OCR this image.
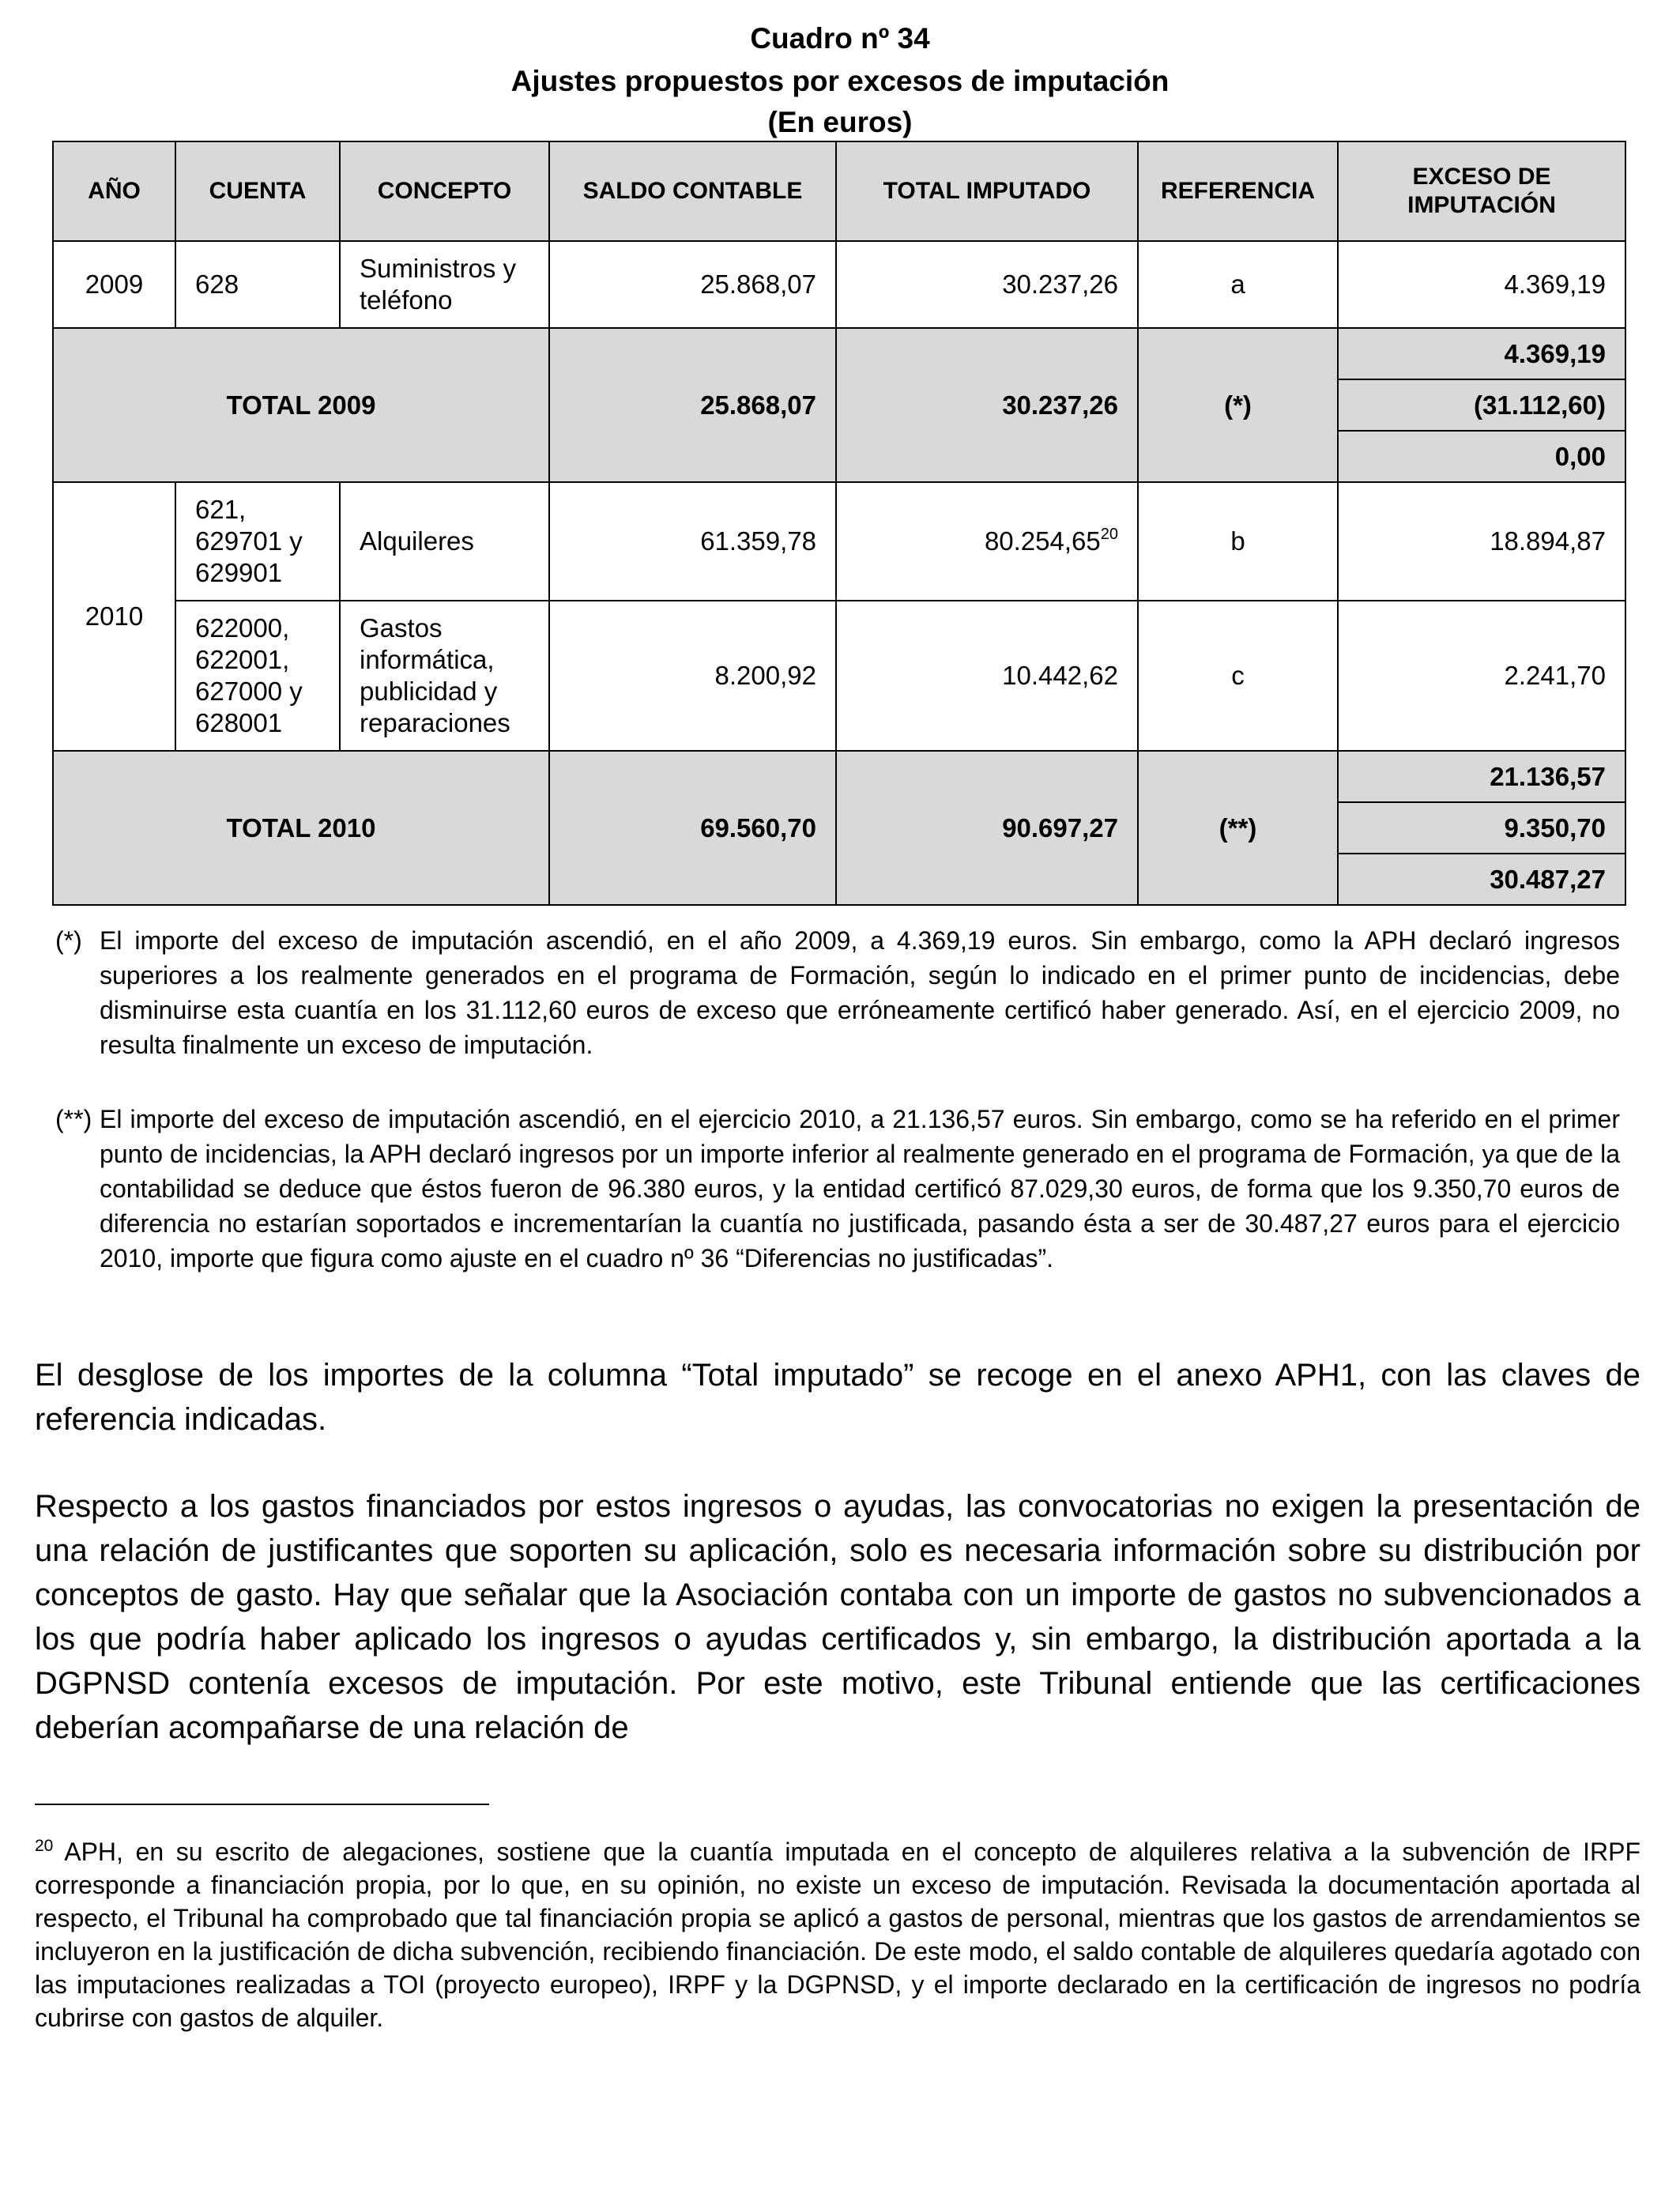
Cuadro nº 34
Ajustes propuestos por excesos de imputación
(En euros)
AÑO	CUENTA	CONCEPTO	SALDO CONTABLE	TOTAL IMPUTADO	REFERENCIA	EXCESO DE IMPUTACIÓN
2009	628	Suministros y teléfono	25.868,07	30.237,26	a	4.369,19
TOTAL 2009			25.868,07	30.237,26	(*)	4.369,19
						(31.112,60)
						0,00
2010	621, 629701 y 629901	Alquileres	61.359,78	80.254,65$^{20}$	b	18.894,87
	622000, 622001, 627000 y 628001	Gastos informática, publicidad y reparaciones	8.200,92	10.442,62	c	2.241,70
TOTAL 2010			69.560,70	90.697,27	(**)	21.136,57
						9.350,70
						30.487,27
(*) El importe del exceso de imputación ascendió, en el año 2009, a 4.369,19 euros. Sin embargo, como la APH declaró ingresos superiores a los realmente generados en el programa de Formación, según lo indicado en el primer punto de incidencias, debe disminuirse esta cuantía en los 31.112,60 euros de exceso que erróneamente certificó haber generado. Así, en el ejercicio 2009, no resulta finalmente un exceso de imputación.
(**) El importe del exceso de imputación ascendió, en el ejercicio 2010, a 21.136,57 euros. Sin embargo, como se ha referido en el primer punto de incidencias, la APH declaró ingresos por un importe inferior al realmente generado en el programa de Formación, ya que de la contabilidad se deduce que éstos fueron de 96.380 euros, y la entidad certificó 87.029,30 euros, de forma que los 9.350,70 euros de diferencia no estarían soportados e incrementarían la cuantía no justificada, pasando ésta a ser de 30.487,27 euros para el ejercicio 2010, importe que figura como ajuste en el cuadro nº 36 “Diferencias no justificadas”.
El desglose de los importes de la columna “Total imputado” se recoge en el anexo APH1, con las claves de referencia indicadas.
Respecto a los gastos financiados por estos ingresos o ayudas, las convocatorias no exigen la presentación de una relación de justificantes que soporten su aplicación, solo es necesaria información sobre su distribución por conceptos de gasto. Hay que señalar que la Asociación contaba con un importe de gastos no subvencionados a los que podría haber aplicado los ingresos o ayudas certificados y, sin embargo, la distribución aportada a la DGPNSD contenía excesos de imputación. Por este motivo, este Tribunal entiende que las certificaciones deberían acompañarse de una relación de
$^{20}$ APH, en su escrito de alegaciones, sostiene que la cuantía imputada en el concepto de alquileres relativa a la subvención de IRPF corresponde a financiación propia, por lo que, en su opinión, no existe un exceso de imputación. Revisada la documentación aportada al respecto, el Tribunal ha comprobado que tal financiación propia se aplicó a gastos de personal, mientras que los gastos de arrendamientos se incluyeron en la justificación de dicha subvención, recibiendo financiación. De este modo, el saldo contable de alquileres quedaría agotado con las imputaciones realizadas a TOI (proyecto europeo), IRPF y la DGPNSD, y el importe declarado en la certificación de ingresos no podría cubrirse con gastos de alquiler.
